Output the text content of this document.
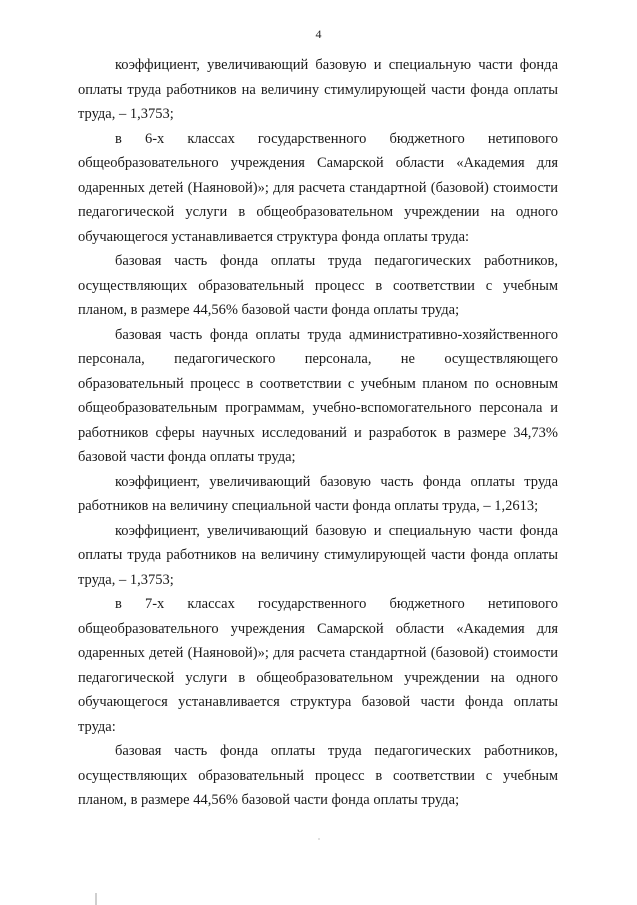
4

коэффициент, увеличивающий базовую и специальную части фонда оплаты труда работников на величину стимулирующей части фонда оплаты труда, – 1,3753;

в 6-х классах государственного бюджетного нетипового общеобразовательного учреждения Самарской области «Академия для одаренных детей (Наяновой)»; для расчета стандартной (базовой) стоимости педагогической услуги в общеобразовательном учреждении на одного обучающегося устанавливается структура фонда оплаты труда:

базовая часть фонда оплаты труда педагогических работников, осуществляющих образовательный процесс в соответствии с учебным планом, в размере 44,56% базовой части фонда оплаты труда;

базовая часть фонда оплаты труда административно-хозяйственного персонала, педагогического персонала, не осуществляющего образовательный процесс в соответствии с учебным планом по основным общеобразовательным программам, учебно-вспомогательного персонала и работников сферы научных исследований и разработок в размере 34,73% базовой части фонда оплаты труда;

коэффициент, увеличивающий базовую часть фонда оплаты труда работников на величину специальной части фонда оплаты труда, – 1,2613;

коэффициент, увеличивающий базовую и специальную части фонда оплаты труда работников на величину стимулирующей части фонда оплаты труда, – 1,3753;

в 7-х классах государственного бюджетного нетипового общеобразовательного учреждения Самарской области «Академия для одаренных детей (Наяновой)»; для расчета стандартной (базовой) стоимости педагогической услуги в общеобразовательном учреждении на одного обучающегося устанавливается структура базовой части фонда оплаты труда:

базовая часть фонда оплаты труда педагогических работников, осуществляющих образовательный процесс в соответствии с учебным планом, в размере 44,56% базовой части фонда оплаты труда;
